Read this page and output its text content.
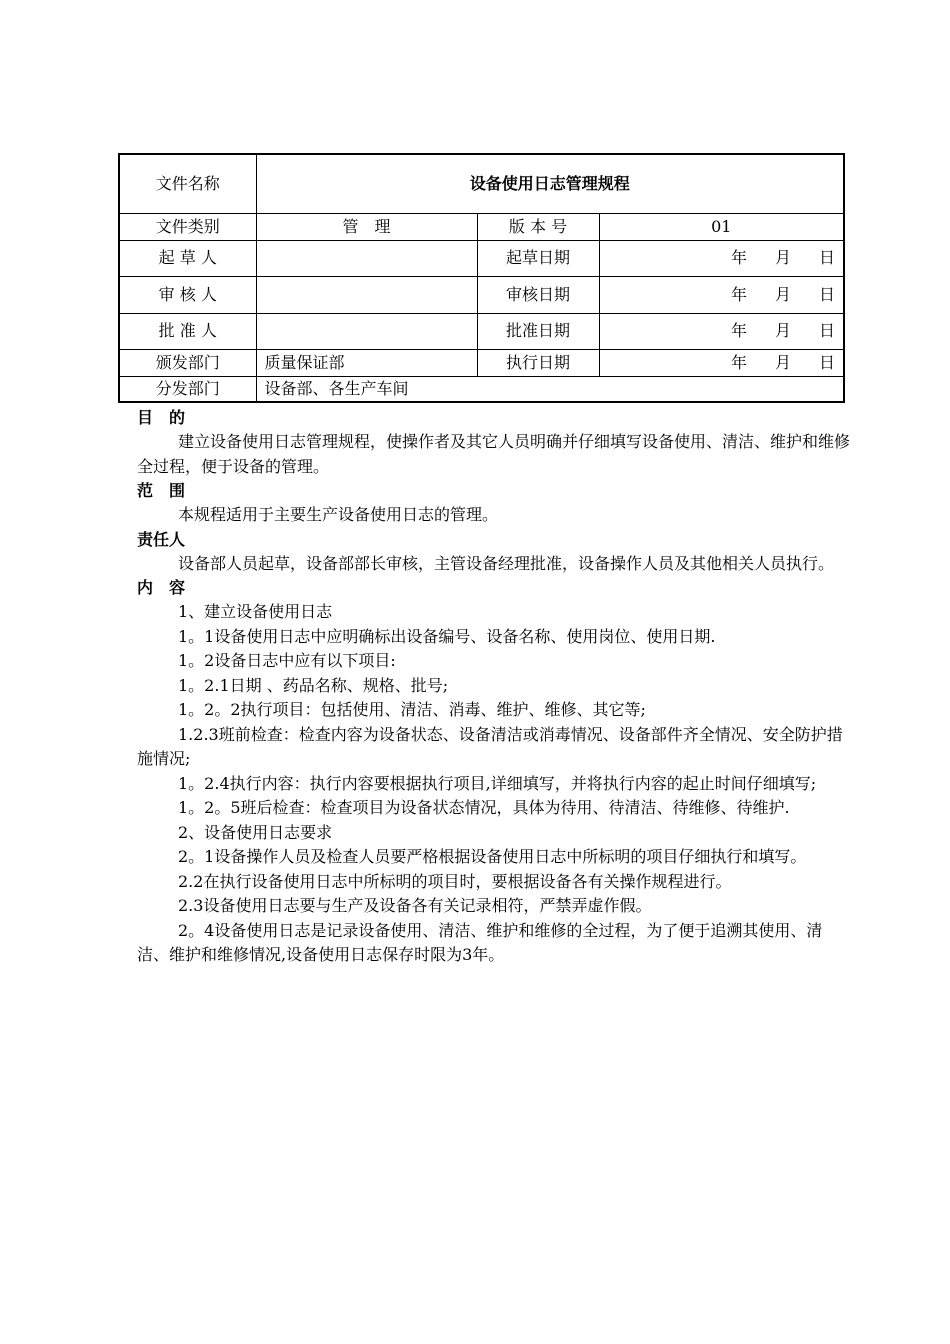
文件名称	设备使用日志管理规程		
文件类别	管　理	版 本 号	01
起 草 人		起草日期	年 月 日
审 核 人		审核日期	年 月 日
批 准 人		批准日期	年 月 日
颁发部门	质量保证部	执行日期	年 月 日
分发部门	设备部、各生产车间		
目　的

建立设备使用日志管理规程，使操作者及其它人员明确并仔细填写设备使用、清洁、维护和维修全过程，便于设备的管理。

范　围

本规程适用于主要生产设备使用日志的管理。

责任人

设备部人员起草，设备部部长审核，主管设备经理批准，设备操作人员及其他相关人员执行。

内　容

1、建立设备使用日志

1。1设备使用日志中应明确标出设备编号、设备名称、使用岗位、使用日期.

1。2设备日志中应有以下项目:

1。2.1日期 、药品名称、规格、批号;

1。2。2执行项目：包括使用、清洁、消毒、维护、维修、其它等;

1.2.3班前检查：检查内容为设备状态、设备清洁或消毒情况、设备部件齐全情况、安全防护措施情况;

1。2.4执行内容：执行内容要根据执行项目,详细填写，并将执行内容的起止时间仔细填写;

1。2。5班后检查：检查项目为设备状态情况，具体为待用、待清洁、待维修、待维护.

2、设备使用日志要求

2。1设备操作人员及检查人员要严格根据设备使用日志中所标明的项目仔细执行和填写。

2.2在执行设备使用日志中所标明的项目时，要根据设备各有关操作规程进行。

2.3设备使用日志要与生产及设备各有关记录相符，严禁弄虚作假。

2。4设备使用日志是记录设备使用、清洁、维护和维修的全过程，为了便于追溯其使用、清洁、维护和维修情况,设备使用日志保存时限为3年。
